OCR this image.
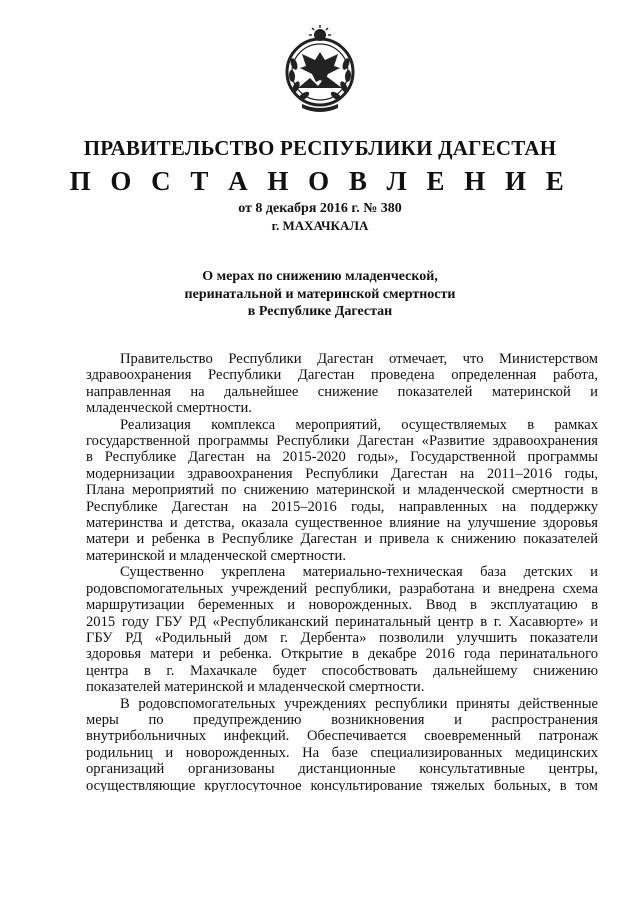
ПРАВИТЕЛЬСТВО РЕСПУБЛИКИ ДАГЕСТАН
П О С Т А Н О В Л Е Н И Е
от 8 декабря 2016 г. № 380
г. МАХАЧКАЛА
О мерах по снижению младенческой,
перинатальной и материнской смертности
в Республике Дагестан
Правительство Республики Дагестан отмечает, что Министерством
здравоохранения Республики Дагестан проведена определенная работа,
направленная на дальнейшее снижение показателей материнской и
младенческой смертности.
Реализация комплекса мероприятий, осуществляемых в рамках
государственной программы Республики Дагестан «Развитие здравоохранения
в Республике Дагестан на 2015-2020 годы», Государственной программы
модернизации здравоохранения Республики Дагестан на 2011–2016 годы,
Плана мероприятий по снижению материнской и младенческой смертности в
Республике Дагестан на 2015–2016 годы, направленных на поддержку
материнства и детства, оказала существенное влияние на улучшение здоровья
матери и ребенка в Республике Дагестан и привела к снижению показателей
материнской и младенческой смертности.
Существенно укреплена материально-техническая база детских и
родовспомогательных учреждений республики, разработана и внедрена схема
маршрутизации беременных и новорожденных. Ввод в эксплуатацию в
2015 году ГБУ РД «Республиканский перинатальный центр в г. Хасавюрте» и
ГБУ РД «Родильный дом г. Дербента» позволили улучшить показатели
здоровья матери и ребенка. Открытие в декабре 2016 года перинатального
центра в г. Махачкале будет способствовать дальнейшему снижению
показателей материнской и младенческой смертности.
В родовспомогательных учреждениях республики приняты действенные
меры по предупреждению возникновения и распространения
внутрибольничных инфекций. Обеспечивается своевременный патронаж
родильниц и новорожденных. На базе специализированных медицинских
организаций организованы дистанционные консультативные центры,
осуществляющие круглосуточное консультирование тяжелых больных, в том
